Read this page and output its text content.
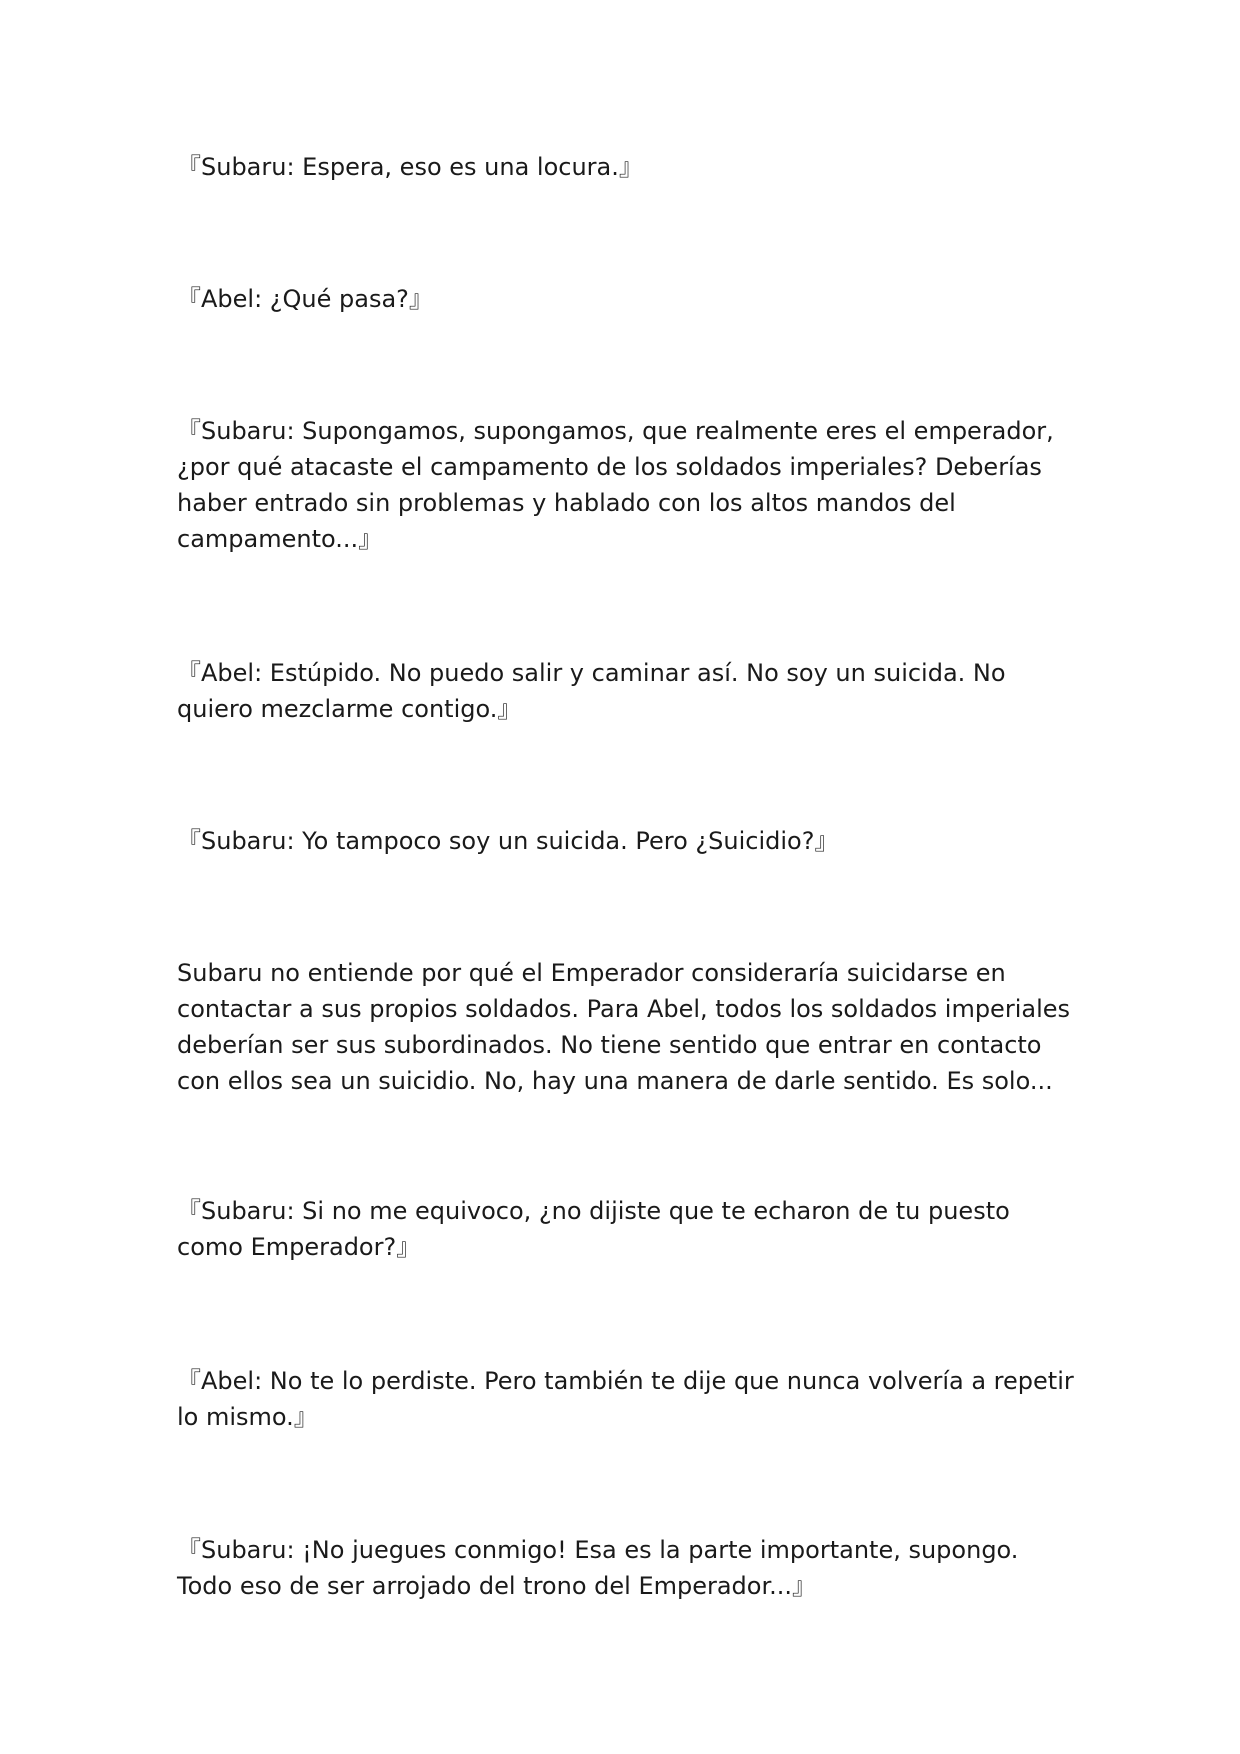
『Subaru: Espera, eso es una locura.』

『Abel: ¿Qué pasa?』

『Subaru: Supongamos, supongamos, que realmente eres el emperador, ¿por qué atacaste el campamento de los soldados imperiales? Deberías haber entrado sin problemas y hablado con los altos mandos del campamento...』

『Abel: Estúpido. No puedo salir y caminar así. No soy un suicida. No quiero mezclarme contigo.』

『Subaru: Yo tampoco soy un suicida. Pero ¿Suicidio?』

Subaru no entiende por qué el Emperador consideraría suicidarse en contactar a sus propios soldados. Para Abel, todos los soldados imperiales deberían ser sus subordinados. No tiene sentido que entrar en contacto con ellos sea un suicidio. No, hay una manera de darle sentido. Es solo...

『Subaru: Si no me equivoco, ¿no dijiste que te echaron de tu puesto como Emperador?』

『Abel: No te lo perdiste. Pero también te dije que nunca volvería a repetir lo mismo.』

『Subaru: ¡No juegues conmigo! Esa es la parte importante, supongo. Todo eso de ser arrojado del trono del Emperador...』
